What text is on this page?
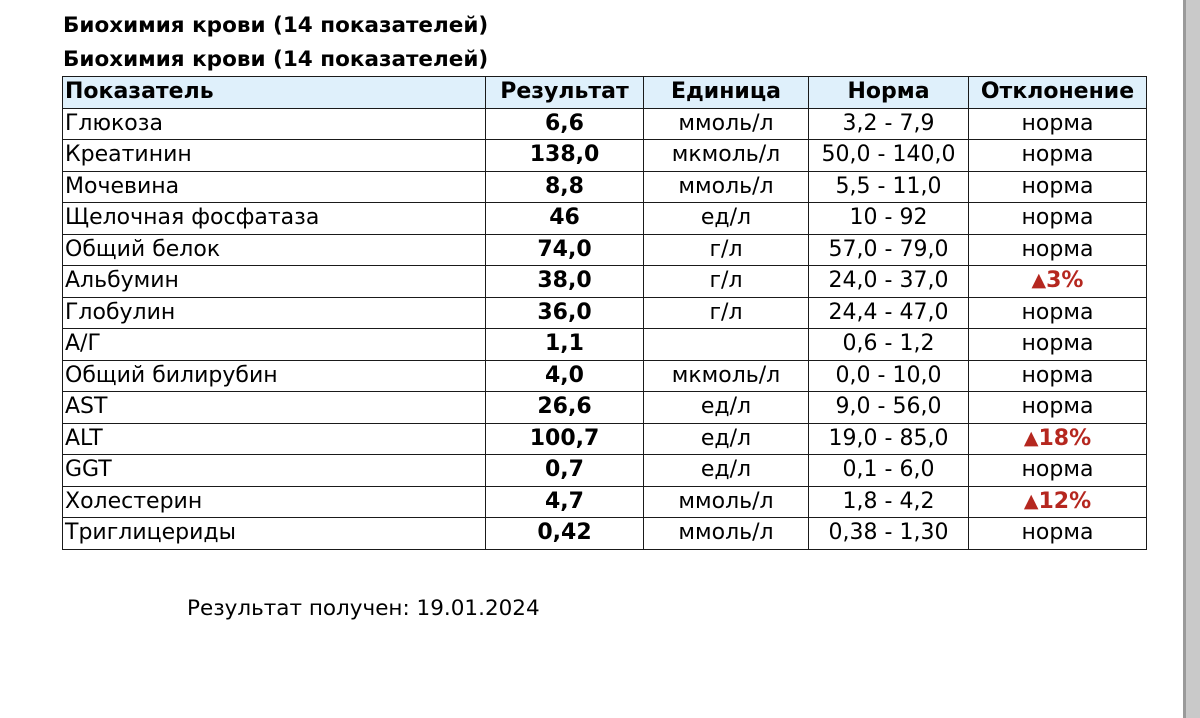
Биохимия крови (14 показателей)
Биохимия крови (14 показателей)
Показатель	Результат	Единица	Норма	Отклонение
Глюкоза	6,6	ммоль/л	3,2 - 7,9	норма
Креатинин	138,0	мкмоль/л	50,0 - 140,0	норма
Мочевина	8,8	ммоль/л	5,5 - 11,0	норма
Щелочная фосфатаза	46	ед/л	10 - 92	норма
Общий белок	74,0	г/л	57,0 - 79,0	норма
Альбумин	38,0	г/л	24,0 - 37,0	▲3%
Глобулин	36,0	г/л	24,4 - 47,0	норма
А/Г	1,1		0,6 - 1,2	норма
Общий билирубин	4,0	мкмоль/л	0,0 - 10,0	норма
AST	26,6	ед/л	9,0 - 56,0	норма
ALT	100,7	ед/л	19,0 - 85,0	▲18%
GGT	0,7	ед/л	0,1 - 6,0	норма
Холестерин	4,7	ммоль/л	1,8 - 4,2	▲12%
Триглицериды	0,42	ммоль/л	0,38 - 1,30	норма
Результат получен: 19.01.2024
